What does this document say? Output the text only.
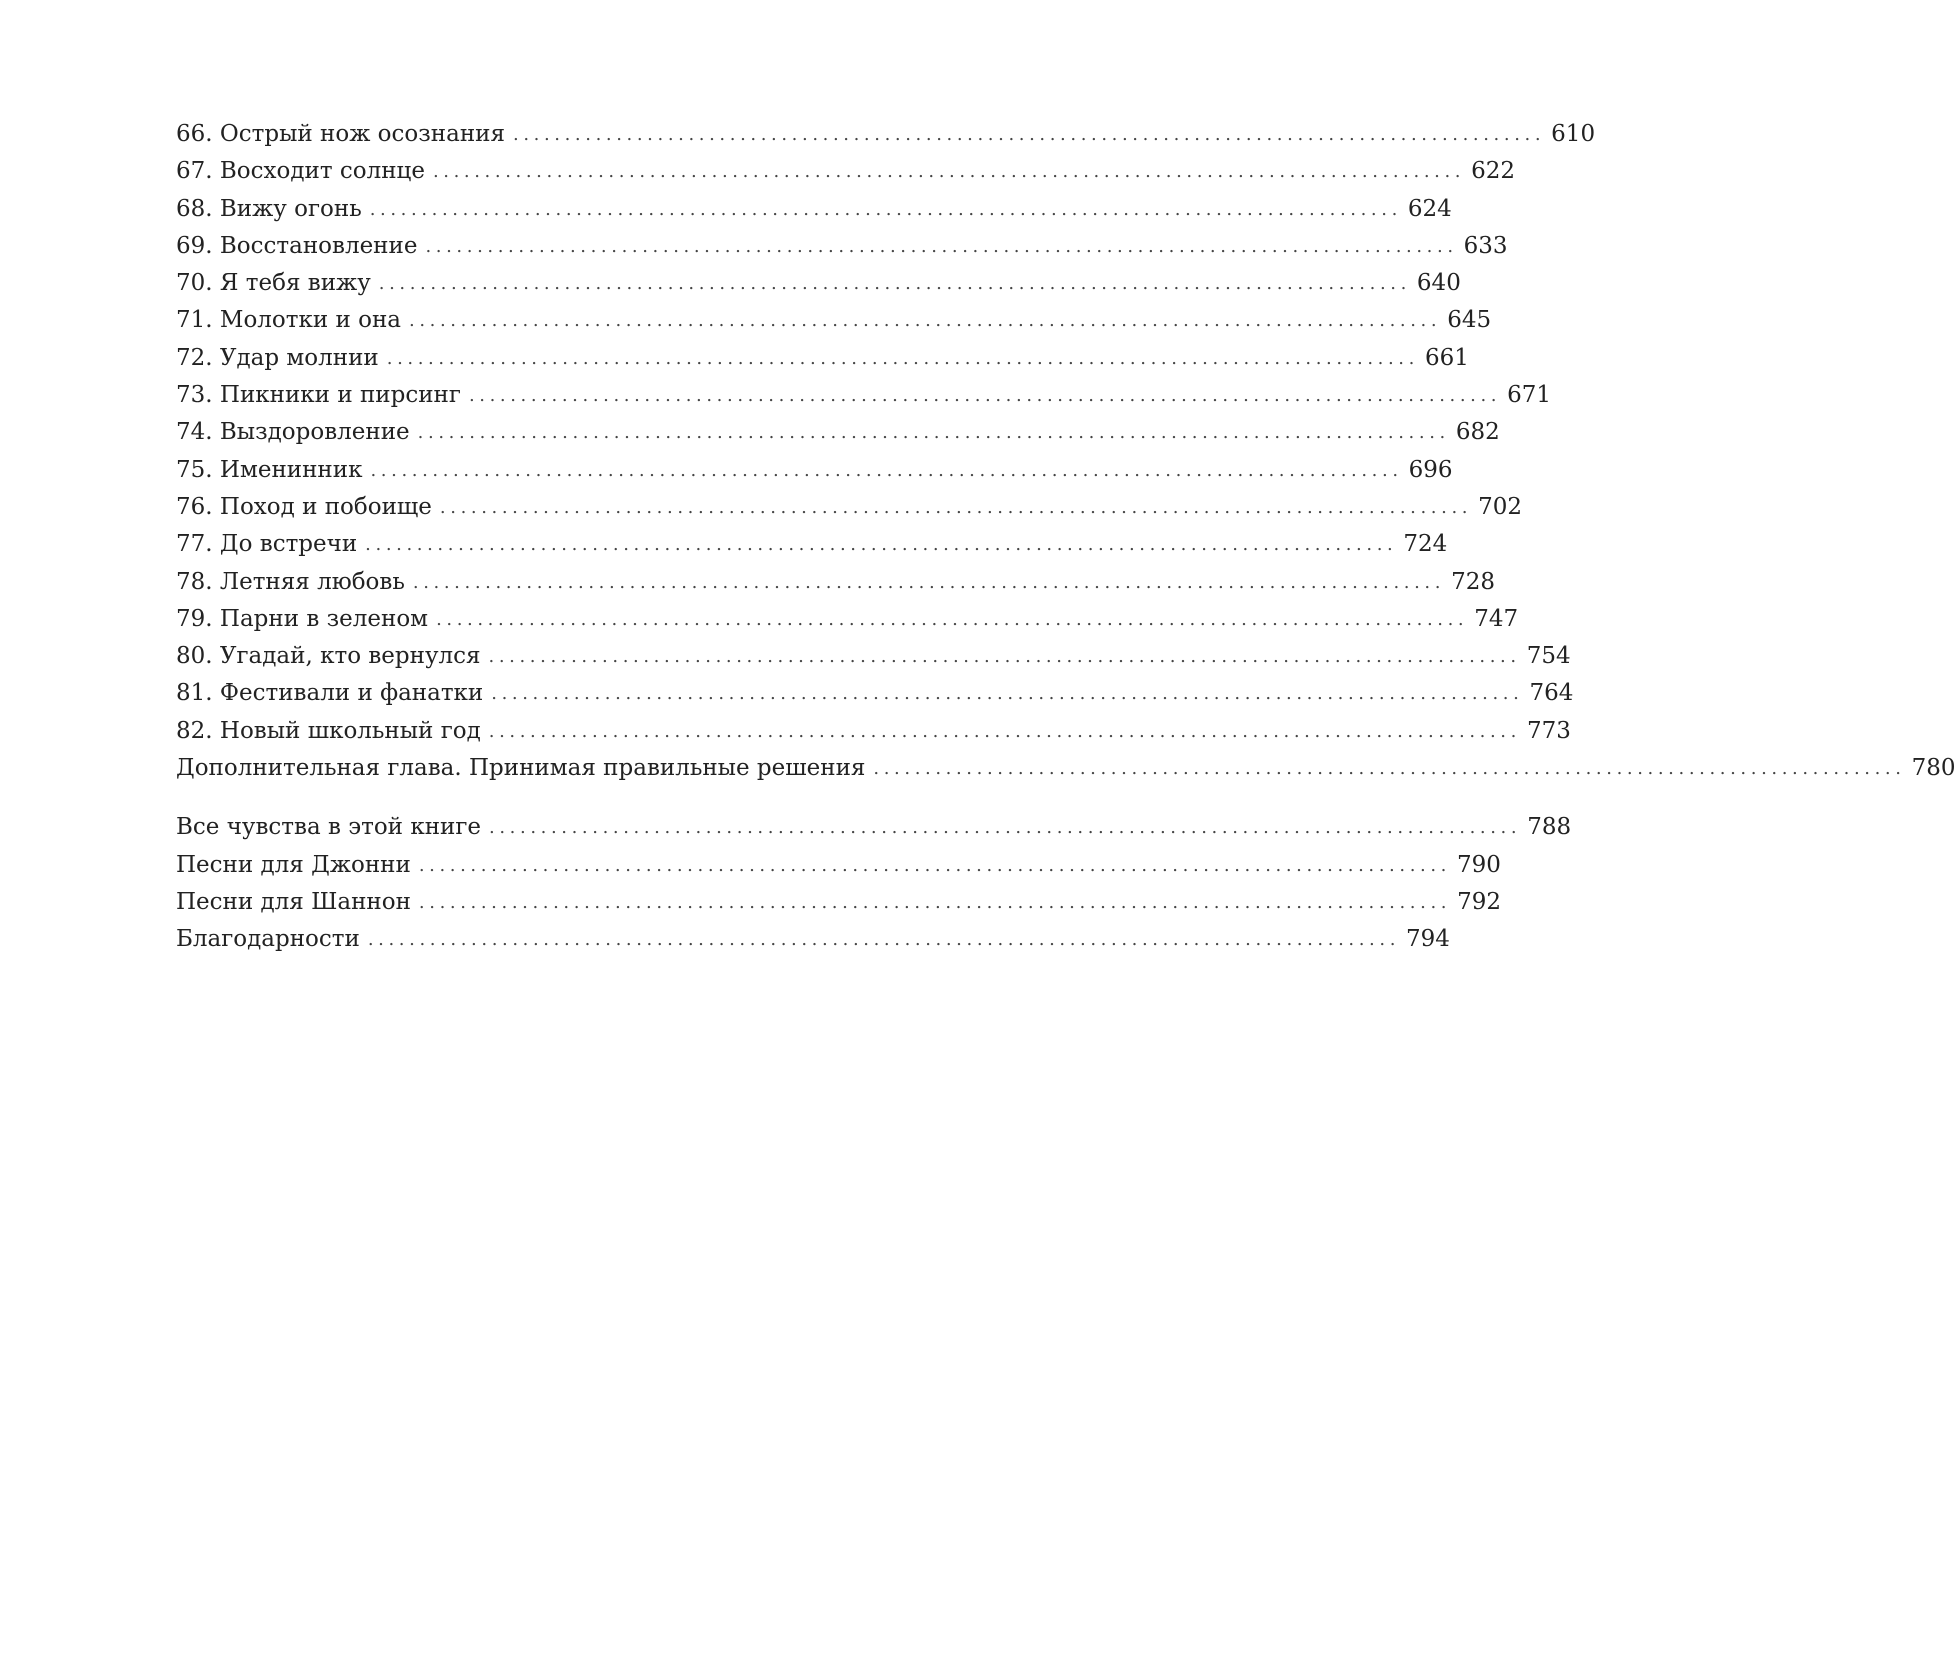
66. Острый нож осознания .................................................................................................... 610
67. Восходит солнце .................................................................................................... 622
68. Вижу огонь .................................................................................................... 624
69. Восстановление .................................................................................................... 633
70. Я тебя вижу .................................................................................................... 640
71. Молотки и она .................................................................................................... 645
72. Удар молнии .................................................................................................... 661
73. Пикники и пирсинг .................................................................................................... 671
74. Выздоровление .................................................................................................... 682
75. Именинник .................................................................................................... 696
76. Поход и побоище .................................................................................................... 702
77. До встречи .................................................................................................... 724
78. Летняя любовь .................................................................................................... 728
79. Парни в зеленом .................................................................................................... 747
80. Угадай, кто вернулся .................................................................................................... 754
81. Фестивали и фанатки .................................................................................................... 764
82. Новый школьный год .................................................................................................... 773
Дополнительная глава. Принимая правильные решения .................................................................................................... 780
Все чувства в этой книге .................................................................................................... 788
Песни для Джонни .................................................................................................... 790
Песни для Шаннон .................................................................................................... 792
Благодарности .................................................................................................... 794
